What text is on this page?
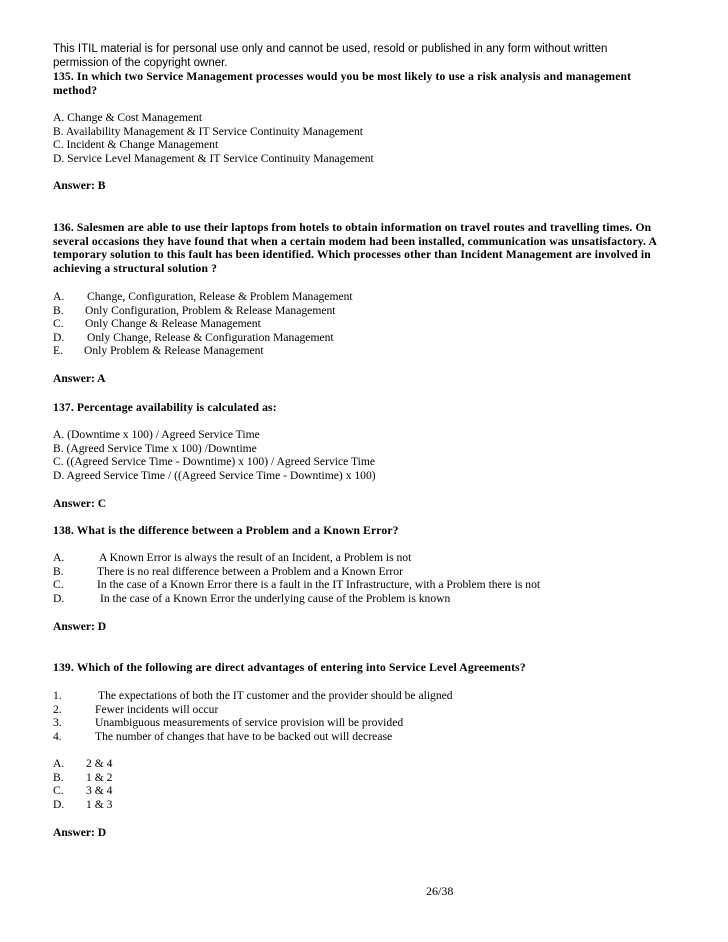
This ITIL material is for personal use only and cannot be used, resold or published in any form without written
permission of the copyright owner.
135. In which two Service Management processes would you be most likely to use a risk analysis and management method?
A. Change & Cost Management
B. Availability Management & IT Service Continuity Management
C. Incident & Change Management
D. Service Level Management & IT Service Continuity Management
Answer: B
136. Salesmen are able to use their laptops from hotels to obtain information on travel routes and travelling times. On several occasions they have found that when a certain modem had been installed, communication was unsatisfactory. A temporary solution to this fault has been identified. Which processes other than Incident Management are involved in achieving a structural solution ?
A. Change, Configuration, Release & Problem Management
B. Only Configuration, Problem & Release Management
C. Only Change & Release Management
D. Only Change, Release & Configuration Management
E. Only Problem & Release Management
Answer: A
137. Percentage availability is calculated as:
A. (Downtime x 100) / Agreed Service Time
B. (Agreed Service Time x 100) /Downtime
C. ((Agreed Service Time - Downtime) x 100) / Agreed Service Time
D. Agreed Service Time / ((Agreed Service Time - Downtime) x 100)
Answer: C
138. What is the difference between a Problem and a Known Error?
A.	A Known Error is always the result of an Incident, a Problem is not
B.	There is no real difference between a Problem and a Known Error
C.	In the case of a Known Error there is a fault in the IT Infrastructure, with a Problem there is not
D.	In the case of a Known Error the underlying cause of the Problem is known
Answer: D
139. Which of the following are direct advantages of entering into Service Level Agreements?
1.	The expectations of both the IT customer and the provider should be aligned
2.	Fewer incidents will occur
3.	Unambiguous measurements of service provision will be provided
4.	The number of changes that have to be backed out will decrease
A. 2 & 4
B. 1 & 2
C. 3 & 4
D. 1 & 3
Answer: D
26/38
